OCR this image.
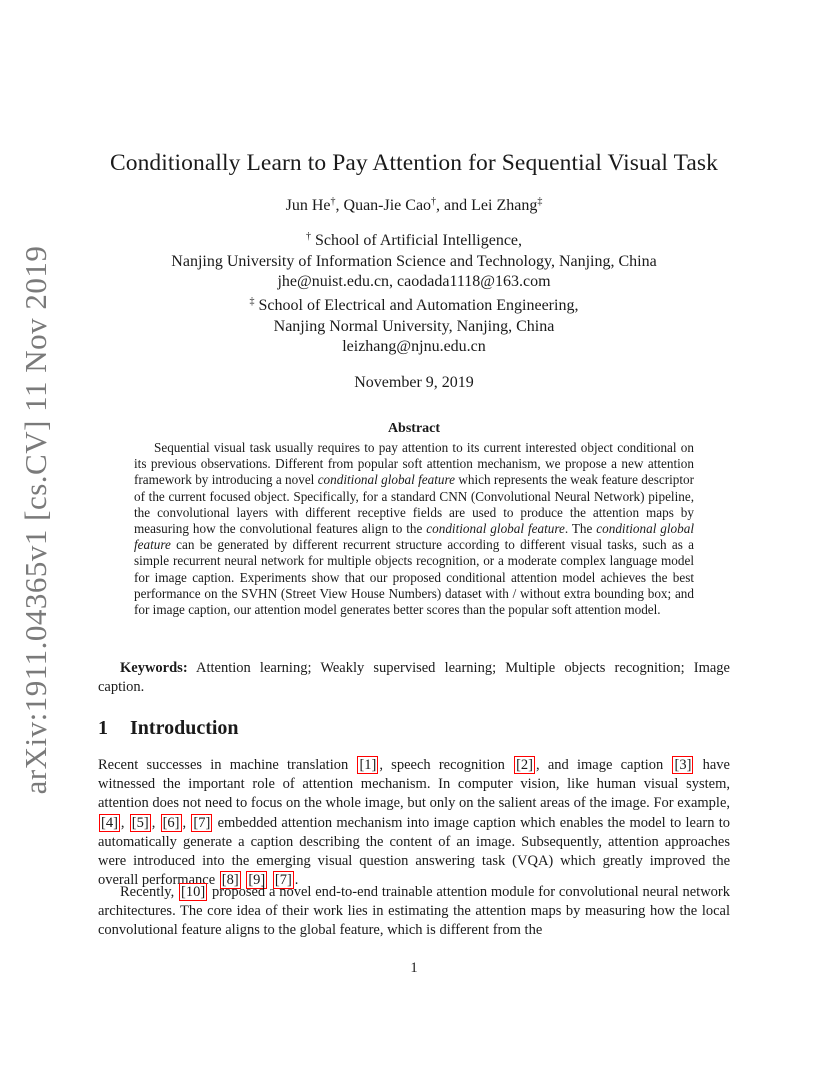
arXiv:1911.04365v1 [cs.CV] 11 Nov 2019
Conditionally Learn to Pay Attention for Sequential Visual Task
Jun He†, Quan-Jie Cao†, and Lei Zhang‡
† School of Artificial Intelligence,
Nanjing University of Information Science and Technology, Nanjing, China
jhe@nuist.edu.cn, caodada1118@163.com
‡ School of Electrical and Automation Engineering,
Nanjing Normal University, Nanjing, China
leizhang@njnu.edu.cn
November 9, 2019
Abstract
Sequential visual task usually requires to pay attention to its current interested object conditional on its previous observations. Different from popular soft attention mechanism, we propose a new attention framework by introducing a novel conditional global feature which represents the weak feature descriptor of the current focused object. Specifically, for a standard CNN (Convolutional Neural Network) pipeline, the convolutional layers with different receptive fields are used to produce the attention maps by measuring how the convolutional features align to the conditional global feature. The conditional global feature can be generated by different recurrent structure according to different visual tasks, such as a simple recurrent neural network for multiple objects recognition, or a moderate complex language model for image caption. Experiments show that our proposed conditional attention model achieves the best performance on the SVHN (Street View House Numbers) dataset with / without extra bounding box; and for image caption, our attention model generates better scores than the popular soft attention model.
Keywords: Attention learning; Weakly supervised learning; Multiple objects recognition; Image caption.
1 Introduction
Recent successes in machine translation [1] , speech recognition [2] , and image caption [3] have witnessed the important role of attention mechanism. In computer vision, like human visual system, attention does not need to focus on the whole image, but only on the salient areas of the image. For example, [4] , [5] , [6] , [7] embedded attention mechanism into image caption which enables the model to learn to automatically generate a caption describing the content of an image. Subsequently, attention approaches were introduced into the emerging visual question answering task (VQA) which greatly improved the overall performance [8] [9] [7] .
Recently, [10] proposed a novel end-to-end trainable attention module for convolutional neural network architectures. The core idea of their work lies in estimating the attention maps by measuring how the local convolutional feature aligns to the global feature, which is different from the
1
